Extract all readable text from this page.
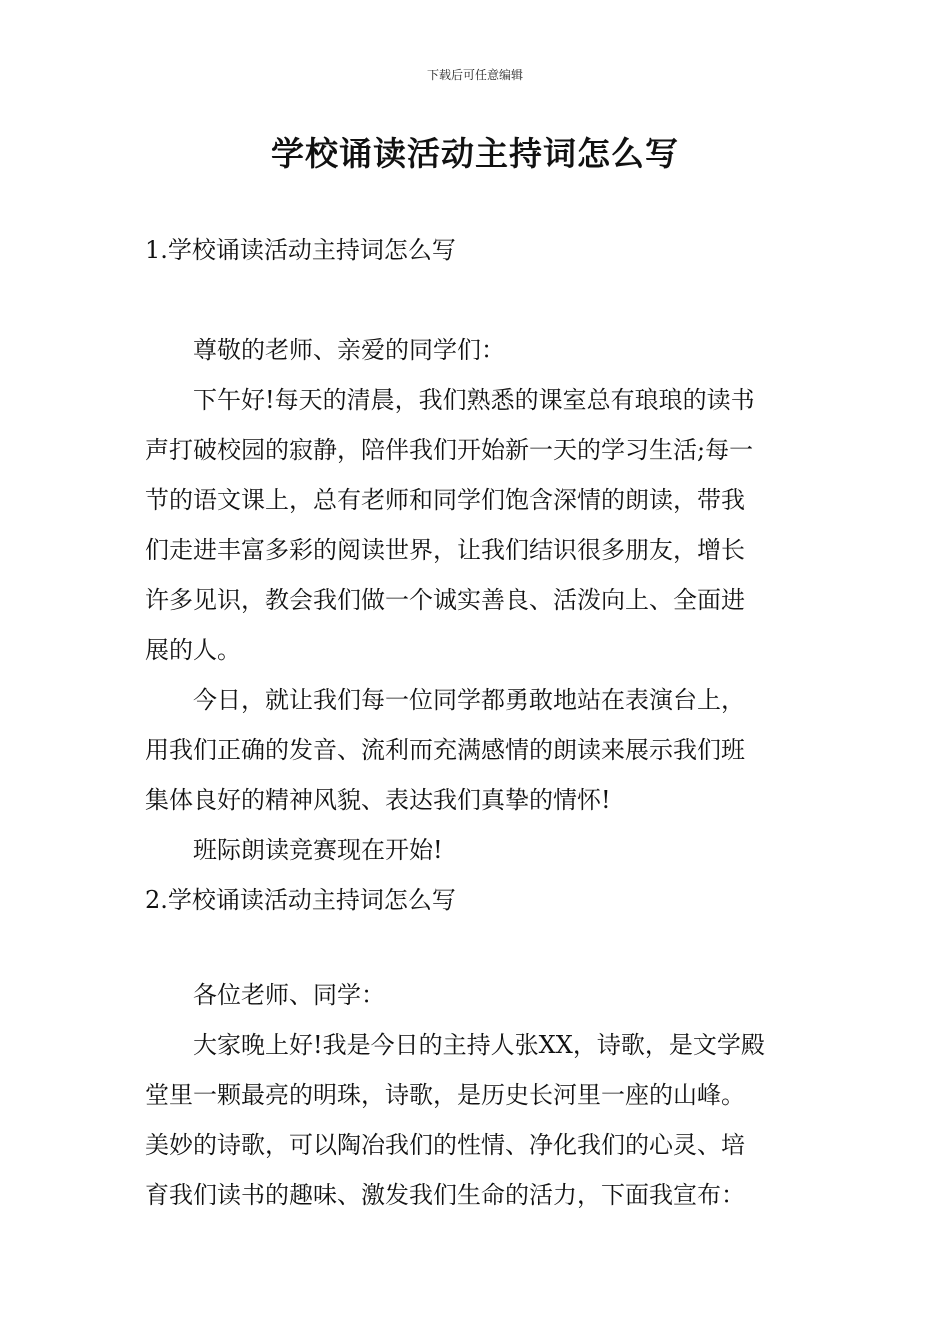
下载后可任意编辑
学校诵读活动主持词怎么写
1.学校诵读活动主持词怎么写
尊敬的老师、亲爱的同学们：
下午好!每天的清晨，我们熟悉的课室总有琅琅的读书
声打破校园的寂静，陪伴我们开始新一天的学习生活;每一
节的语文课上，总有老师和同学们饱含深情的朗读，带我
们走进丰富多彩的阅读世界，让我们结识很多朋友，增长
许多见识，教会我们做一个诚实善良、活泼向上、全面进
展的人。
今日，就让我们每一位同学都勇敢地站在表演台上，
用我们正确的发音、流利而充满感情的朗读来展示我们班
集体良好的精神风貌、表达我们真挚的情怀!
班际朗读竞赛现在开始!
2.学校诵读活动主持词怎么写
各位老师、同学：
大家晚上好!我是今日的主持人张XX，诗歌，是文学殿
堂里一颗最亮的明珠，诗歌，是历史长河里一座的山峰。
美妙的诗歌，可以陶冶我们的性情、净化我们的心灵、培
育我们读书的趣味、激发我们生命的活力，下面我宣布：
